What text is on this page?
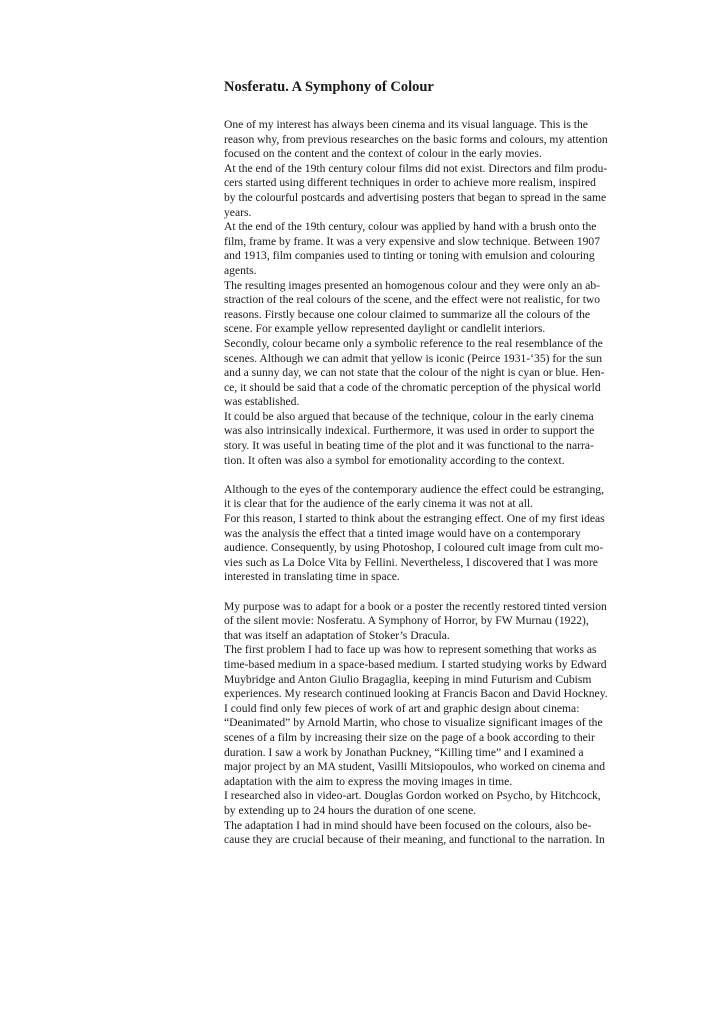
Nosferatu. A Symphony of Colour
One of my interest has always been cinema and its visual language. This is the
reason why, from previous researches on the basic forms and colours, my attention
focused on the content and the context of colour in the early movies.
At the end of the 19th century colour films did not exist. Directors and film produ-
cers started using different techniques in order to achieve more realism, inspired
by the colourful postcards and advertising posters that began to spread in the same
years.
At the end of the 19th century, colour was applied by hand with a brush onto the
film, frame by frame. It was a very expensive and slow technique. Between 1907
and 1913, film companies used to tinting or toning with emulsion and colouring
agents.
The resulting images presented an homogenous colour and they were only an ab-
straction of the real colours of the scene, and the effect were not realistic, for two
reasons. Firstly because one colour claimed to summarize all the colours of the
scene. For example yellow represented daylight or candlelit interiors.
Secondly, colour became only a symbolic reference to the real resemblance of the
scenes. Although we can admit that yellow is iconic (Peirce 1931-‘35) for the sun
and a sunny day, we can not state that the colour of the night is cyan or blue. Hen-
ce, it should be said that a code of the chromatic perception of the physical world
was established.
It could be also argued that because of the technique, colour in the early cinema
was also intrinsically indexical. Furthermore, it was used in order to support the
story. It was useful in beating time of the plot and it was functional to the narra-
tion. It often was also a symbol for emotionality according to the context.
Although to the eyes of the contemporary audience the effect could be estranging,
it is clear that for the audience of the early cinema it was not at all.
For this reason, I started to think about the estranging effect. One of my first ideas
was the analysis the effect that a tinted image would have on a contemporary
audience. Consequently, by using Photoshop, I coloured cult image from cult mo-
vies such as La Dolce Vita by Fellini. Nevertheless, I discovered that I was more
interested in translating time in space.
My purpose was to adapt for a book or a poster the recently restored tinted version
of the silent movie: Nosferatu. A Symphony of Horror, by FW Murnau (1922),
that was itself an adaptation of Stoker’s Dracula.
The first problem I had to face up was how to represent something that works as
time-based medium in a space-based medium. I started studying works by Edward
Muybridge and Anton Giulio Bragaglia, keeping in mind Futurism and Cubism
experiences. My research continued looking at Francis Bacon and David Hockney.
I could find only few pieces of work of art and graphic design about cinema:
“Deanimated” by Arnold Martin, who chose to visualize significant images of the
scenes of a film by increasing their size on the page of a book according to their
duration. I saw a work by Jonathan Puckney, “Killing time” and I examined a
major project by an MA student, Vasilli Mitsiopoulos, who worked on cinema and
adaptation with the aim to express the moving images in time.
I researched also in video-art. Douglas Gordon worked on Psycho, by Hitchcock,
by extending up to 24 hours the duration of one scene.
The adaptation I had in mind should have been focused on the colours, also be-
cause they are crucial because of their meaning, and functional to the narration. In
